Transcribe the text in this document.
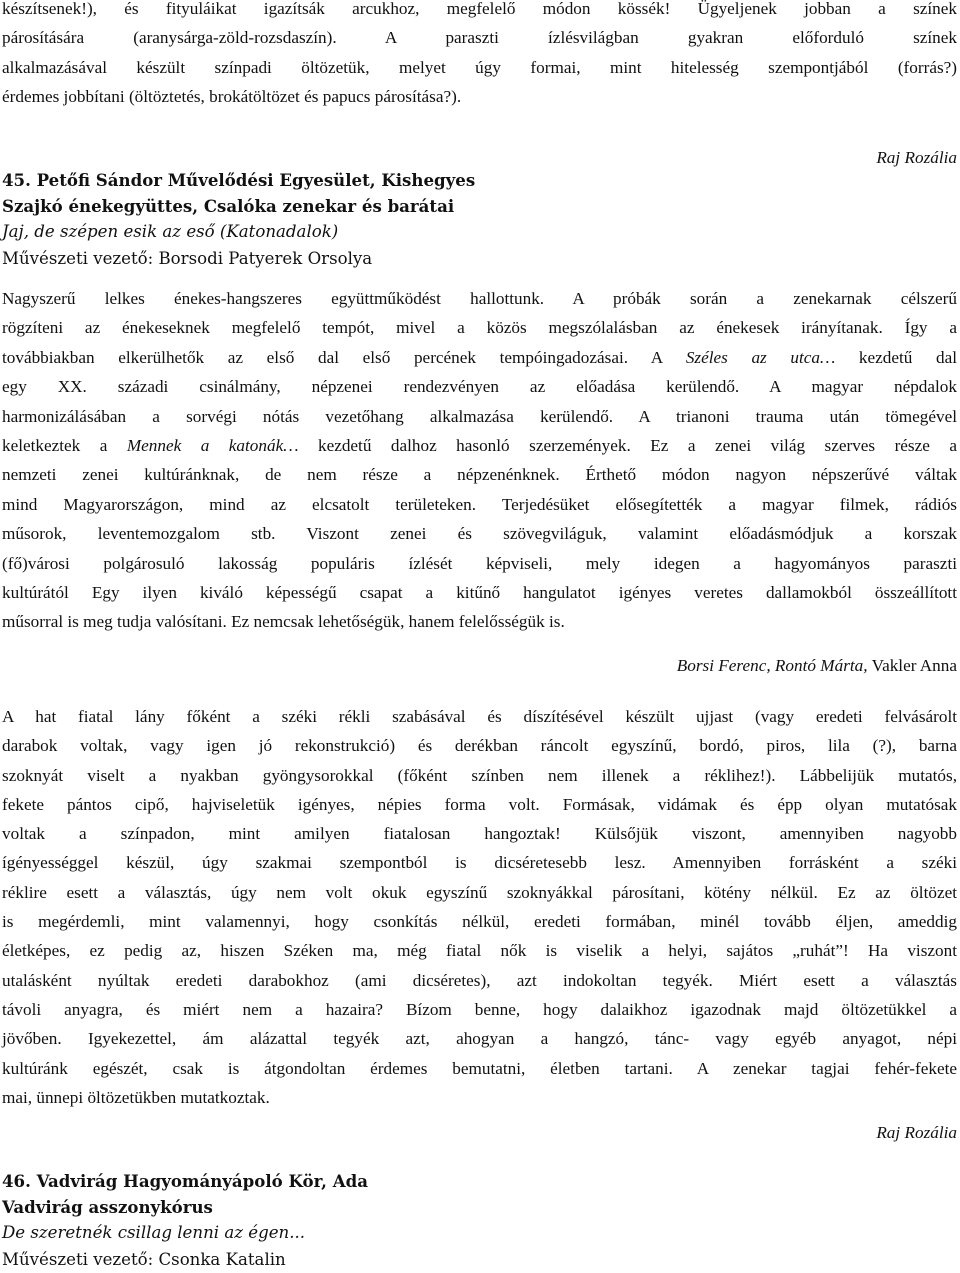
készítsenek!), és fityuláikat igazítsák arcukhoz, megfelelő módon kössék! Ügyeljenek jobban a színek

párosítására (aranysárga-zöld-rozsdaszín). A paraszti ízlésvilágban gyakran előforduló színek

alkalmazásával készült színpadi öltözetük, melyet úgy formai, mint hitelesség szempontjából (forrás?)

érdemes jobbítani (öltöztetés, brokátöltözet és papucs párosítása?).

Raj Rozália

45. Petőfi Sándor Művelődési Egyesület, Kishegyes

Szajkó énekegyüttes, Csalóka zenekar és barátai

Jaj, de szépen esik az eső (Katonadalok)

Művészeti vezető: Borsodi Patyerek Orsolya

Nagyszerű lelkes énekes-hangszeres együttműködést hallottunk. A próbák során a zenekarnak célszerű

rögzíteni az énekeseknek megfelelő tempót, mivel a közös megszólalásban az énekesek irányítanak. Így a

továbbiakban elkerülhetők az első dal első percének tempóingadozásai. A Széles az utca… kezdetű dal

egy XX. századi csinálmány, népzenei rendezvényen az előadása kerülendő. A magyar népdalok

harmonizálásában a sorvégi nótás vezetőhang alkalmazása kerülendő. A trianoni trauma után tömegével

keletkeztek a Mennek a katonák… kezdetű dalhoz hasonló szerzemények. Ez a zenei világ szerves része a

nemzeti zenei kultúránknak, de nem része a népzenénknek. Érthető módon nagyon népszerűvé váltak

mind Magyarországon, mind az elcsatolt területeken. Terjedésüket elősegítették a magyar filmek, rádiós

műsorok, leventemozgalom stb. Viszont zenei és szövegviláguk, valamint előadásmódjuk a korszak

(fő)városi polgárosuló lakosság populáris ízlését képviseli, mely idegen a hagyományos paraszti

kultúrától Egy ilyen kiváló képességű csapat a kitűnő hangulatot igényes veretes dallamokból összeállított

műsorral is meg tudja valósítani. Ez nemcsak lehetőségük, hanem felelősségük is.

Borsi Ferenc, Rontó Márta, Vakler Anna

A hat fiatal lány főként a széki rékli szabásával és díszítésével készült ujjast (vagy eredeti felvásárolt

darabok voltak, vagy igen jó rekonstrukció) és derékban ráncolt egyszínű, bordó, piros, lila (?), barna

szoknyát viselt a nyakban gyöngysorokkal (főként színben nem illenek a réklihez!). Lábbelijük mutatós,

fekete pántos cipő, hajviseletük igényes, népies forma volt. Formásak, vidámak és épp olyan mutatósak

voltak a színpadon, mint amilyen fiatalosan hangoztak! Külsőjük viszont, amennyiben nagyobb

ígényességgel készül, úgy szakmai szempontból is dicséretesebb lesz. Amennyiben forrásként a széki

réklire esett a választás, úgy nem volt okuk egyszínű szoknyákkal párosítani, kötény nélkül. Ez az öltözet

is megérdemli, mint valamennyi, hogy csonkítás nélkül, eredeti formában, minél tovább éljen, ameddig

életképes, ez pedig az, hiszen Széken ma, még fiatal nők is viselik a helyi, sajátos „ruhát”! Ha viszont

utalásként nyúltak eredeti darabokhoz (ami dicséretes), azt indokoltan tegyék. Miért esett a választás

távoli anyagra, és miért nem a hazaira? Bízom benne, hogy dalaikhoz igazodnak majd öltözetükkel a

jövőben. Igyekezettel, ám alázattal tegyék azt, ahogyan a hangzó, tánc- vagy egyéb anyagot, népi

kultúránk egészét, csak is átgondoltan érdemes bemutatni, életben tartani. A zenekar tagjai fehér-fekete

mai, ünnepi öltözetükben mutatkoztak.

Raj Rozália

46. Vadvirág Hagyományápoló Kör, Ada

Vadvirág asszonykórus

De szeretnék csillag lenni az égen...

Művészeti vezető: Csonka Katalin
